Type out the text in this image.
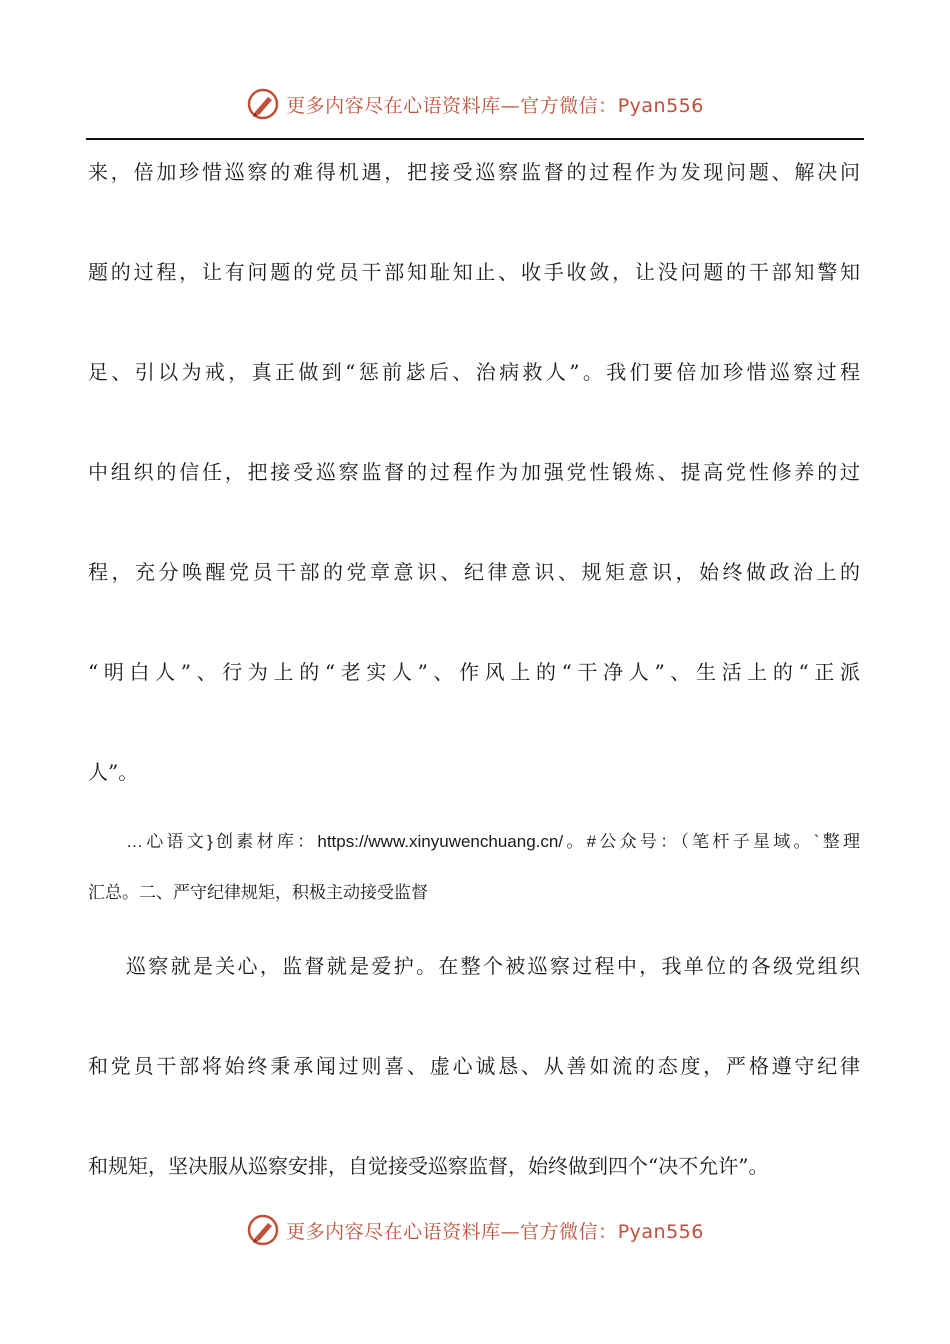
更多内容尽在心语资料库—官方微信：Pyan556
来，倍加珍惜巡察的难得机遇，把接受巡察监督的过程作为发现问题、解决问
题的过程，让有问题的党员干部知耻知止、收手收敛，让没问题的干部知警知
足、引以为戒，真正做到“惩前毖后、治病救人”。我们要倍加珍惜巡察过程
中组织的信任，把接受巡察监督的过程作为加强党性锻炼、提高党性修养的过
程，充分唤醒党员干部的党章意识、纪律意识、规矩意识，始终做政治上的
“明白人”、行为上的“老实人”、作风上的“干净人”、生活上的“正派
人”。
…心语文}创素材库：https://www.xinyuwenchuang.cn/。#公众号：（笔杆子星域。`整理
汇总。二、严守纪律规矩，积极主动接受监督
巡察就是关心，监督就是爱护。在整个被巡察过程中，我单位的各级党组织
和党员干部将始终秉承闻过则喜、虚心诚恳、从善如流的态度，严格遵守纪律
和规矩，坚决服从巡察安排，自觉接受巡察监督，始终做到四个“决不允许”。
更多内容尽在心语资料库—官方微信：Pyan556
